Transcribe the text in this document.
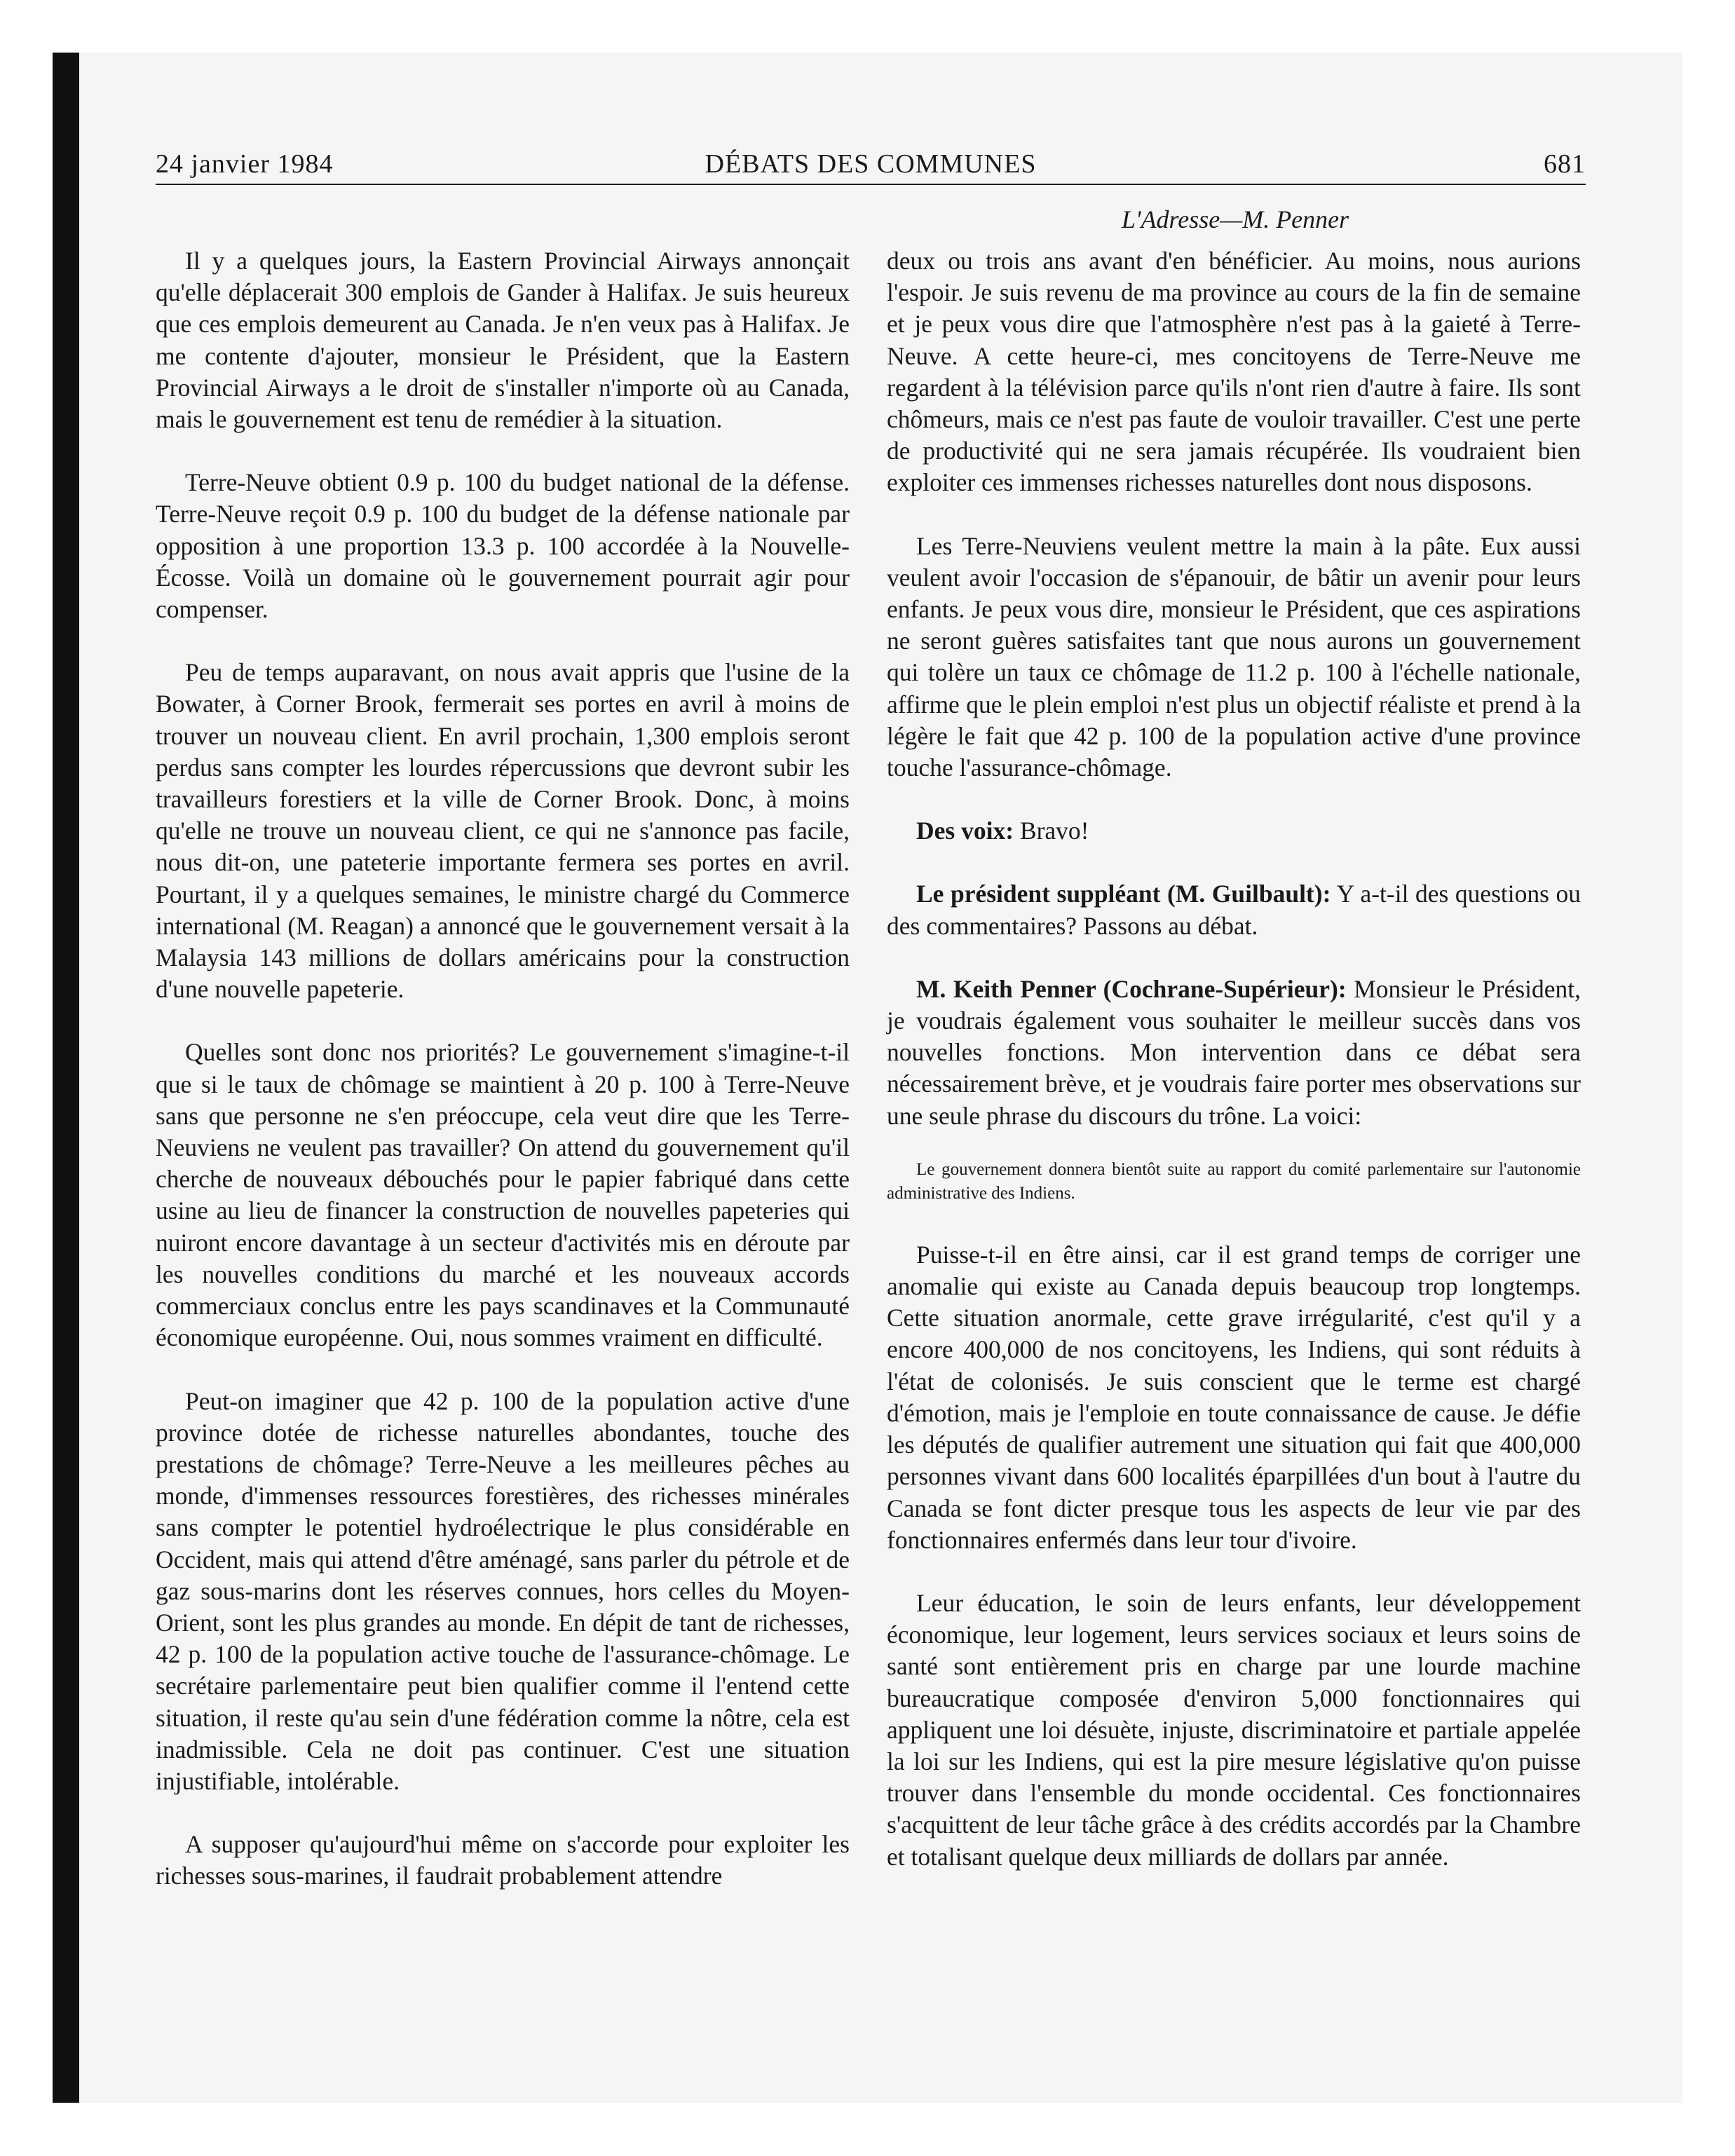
24 janvier 1984	DÉBATS DES COMMUNES	681
L'Adresse—M. Penner

Il y a quelques jours, la Eastern Provincial Airways annonçait qu'elle déplacerait 300 emplois de Gander à Halifax. Je suis heureux que ces emplois demeurent au Canada. Je n'en veux pas à Halifax. Je me contente d'ajouter, monsieur le Président, que la Eastern Provincial Airways a le droit de s'installer n'importe où au Canada, mais le gouvernement est tenu de remédier à la situation.

Terre-Neuve obtient 0.9 p. 100 du budget national de la défense. Terre-Neuve reçoit 0.9 p. 100 du budget de la défense nationale par opposition à une proportion 13.3 p. 100 accordée à la Nouvelle-Écosse. Voilà un domaine où le gouvernement pourrait agir pour compenser.

Peu de temps auparavant, on nous avait appris que l'usine de la Bowater, à Corner Brook, fermerait ses portes en avril à moins de trouver un nouveau client. En avril prochain, 1,300 emplois seront perdus sans compter les lourdes répercussions que devront subir les travailleurs forestiers et la ville de Corner Brook. Donc, à moins qu'elle ne trouve un nouveau client, ce qui ne s'annonce pas facile, nous dit-on, une pateterie importante fermera ses portes en avril. Pourtant, il y a quelques semaines, le ministre chargé du Commerce international (M. Reagan) a annoncé que le gouvernement versait à la Malaysia 143 millions de dollars américains pour la construction d'une nouvelle papeterie.

Quelles sont donc nos priorités? Le gouvernement s'imagine-t-il que si le taux de chômage se maintient à 20 p. 100 à Terre-Neuve sans que personne ne s'en préoccupe, cela veut dire que les Terre-Neuviens ne veulent pas travailler? On attend du gouvernement qu'il cherche de nouveaux débouchés pour le papier fabriqué dans cette usine au lieu de financer la construction de nouvelles papeteries qui nuiront encore davantage à un secteur d'activités mis en déroute par les nouvelles conditions du marché et les nouveaux accords commerciaux conclus entre les pays scandinaves et la Communauté économique européenne. Oui, nous sommes vraiment en difficulté.

Peut-on imaginer que 42 p. 100 de la population active d'une province dotée de richesse naturelles abondantes, touche des prestations de chômage? Terre-Neuve a les meilleures pêches au monde, d'immenses ressources forestières, des richesses minérales sans compter le potentiel hydroélectrique le plus considérable en Occident, mais qui attend d'être aménagé, sans parler du pétrole et de gaz sous-marins dont les réserves connues, hors celles du Moyen-Orient, sont les plus grandes au monde. En dépit de tant de richesses, 42 p. 100 de la population active touche de l'assurance-chômage. Le secrétaire parlementaire peut bien qualifier comme il l'entend cette situation, il reste qu'au sein d'une fédération comme la nôtre, cela est inadmissible. Cela ne doit pas continuer. C'est une situation injustifiable, intolérable.

A supposer qu'aujourd'hui même on s'accorde pour exploiter les richesses sous-marines, il faudrait probablement attendre

deux ou trois ans avant d'en bénéficier. Au moins, nous aurions l'espoir. Je suis revenu de ma province au cours de la fin de semaine et je peux vous dire que l'atmosphère n'est pas à la gaieté à Terre-Neuve. A cette heure-ci, mes concitoyens de Terre-Neuve me regardent à la télévision parce qu'ils n'ont rien d'autre à faire. Ils sont chômeurs, mais ce n'est pas faute de vouloir travailler. C'est une perte de productivité qui ne sera jamais récupérée. Ils voudraient bien exploiter ces immenses richesses naturelles dont nous disposons.

Les Terre-Neuviens veulent mettre la main à la pâte. Eux aussi veulent avoir l'occasion de s'épanouir, de bâtir un avenir pour leurs enfants. Je peux vous dire, monsieur le Président, que ces aspirations ne seront guères satisfaites tant que nous aurons un gouvernement qui tolère un taux ce chômage de 11.2 p. 100 à l'échelle nationale, affirme que le plein emploi n'est plus un objectif réaliste et prend à la légère le fait que 42 p. 100 de la population active d'une province touche l'assurance-chômage.

Des voix: Bravo!

Le président suppléant (M. Guilbault): Y a-t-il des questions ou des commentaires? Passons au débat.

M. Keith Penner (Cochrane-Supérieur): Monsieur le Président, je voudrais également vous souhaiter le meilleur succès dans vos nouvelles fonctions. Mon intervention dans ce débat sera nécessairement brève, et je voudrais faire porter mes observations sur une seule phrase du discours du trône. La voici:

Le gouvernement donnera bientôt suite au rapport du comité parlementaire sur l'autonomie administrative des Indiens.

Puisse-t-il en être ainsi, car il est grand temps de corriger une anomalie qui existe au Canada depuis beaucoup trop longtemps. Cette situation anormale, cette grave irrégularité, c'est qu'il y a encore 400,000 de nos concitoyens, les Indiens, qui sont réduits à l'état de colonisés. Je suis conscient que le terme est chargé d'émotion, mais je l'emploie en toute connaissance de cause. Je défie les députés de qualifier autrement une situation qui fait que 400,000 personnes vivant dans 600 localités éparpillées d'un bout à l'autre du Canada se font dicter presque tous les aspects de leur vie par des fonctionnaires enfermés dans leur tour d'ivoire.

Leur éducation, le soin de leurs enfants, leur développement économique, leur logement, leurs services sociaux et leurs soins de santé sont entièrement pris en charge par une lourde machine bureaucratique composée d'environ 5,000 fonctionnaires qui appliquent une loi désuète, injuste, discriminatoire et partiale appelée la loi sur les Indiens, qui est la pire mesure législative qu'on puisse trouver dans l'ensemble du monde occidental. Ces fonctionnaires s'acquittent de leur tâche grâce à des crédits accordés par la Chambre et totalisant quelque deux milliards de dollars par année.
